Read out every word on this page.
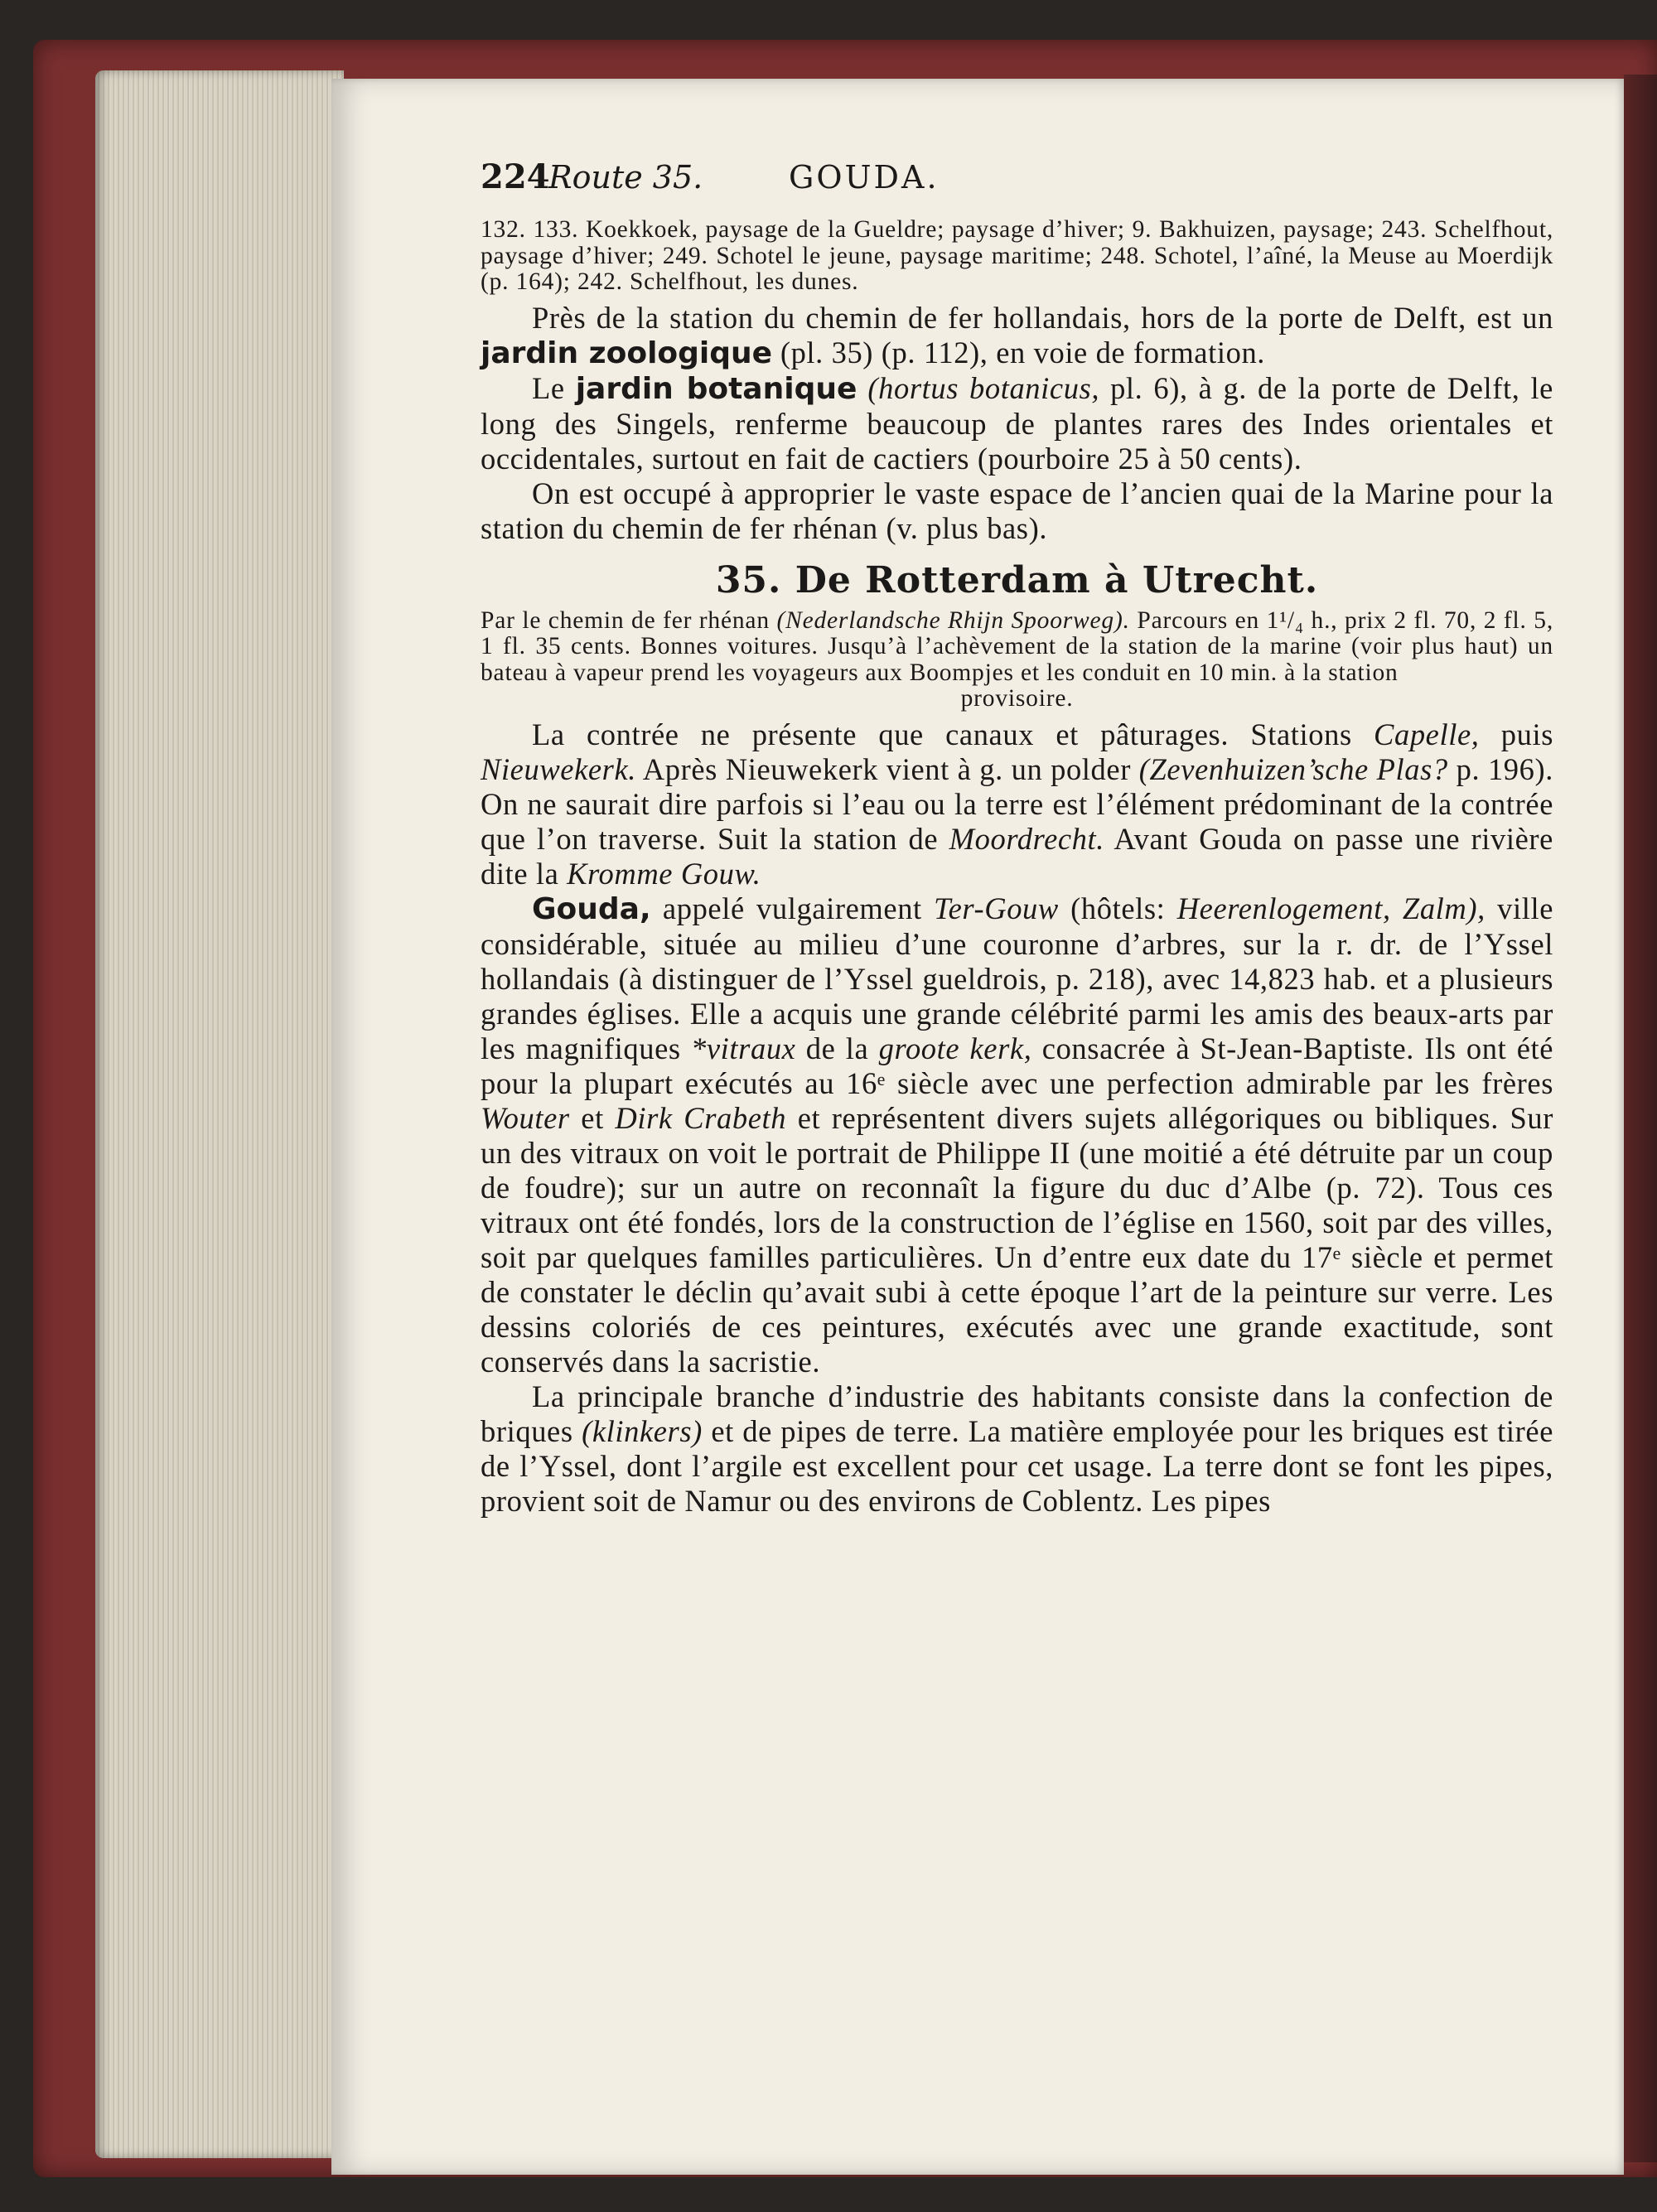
224
Route 35.	GOUDA.

132. 133. Koekkoek, paysage de la Gueldre; paysage d’hiver; 9. Bakhuizen, paysage; 243. Schelfhout, paysage d’hiver; 249. Schotel le jeune, paysage maritime; 248. Schotel, l’aîné, la Meuse au Moerdijk (p. 164); 242. Schelfhout, les dunes.

Près de la station du chemin de fer hollandais, hors de la porte de Delft, est un jardin zoologique (pl. 35) (p. 112), en voie de formation.

Le jardin botanique (hortus botanicus, pl. 6), à g. de la porte de Delft, le long des Singels, renferme beaucoup de plantes rares des Indes orientales et occidentales, surtout en fait de cactiers (pourboire 25 à 50 cents).

On est occupé à approprier le vaste espace de l’ancien quai de la Marine pour la station du chemin de fer rhénan (v. plus bas).

35. De Rotterdam à Utrecht.

Par le chemin de fer rhénan (Nederlandsche Rhijn Spoorweg). Parcours en 1¹/₄ h., prix 2 fl. 70, 2 fl. 5, 1 fl. 35 cents. Bonnes voitures. Jusqu’à l’achèvement de la station de la marine (voir plus haut) un bateau à vapeur prend les voyageurs aux Boompjes et les conduit en 10 min. à la station

provisoire.

La contrée ne présente que canaux et pâturages. Stations Capelle, puis Nieuwekerk. Après Nieuwekerk vient à g. un polder (Zevenhuizen’sche Plas? p. 196). On ne saurait dire parfois si l’eau ou la terre est l’élément prédominant de la contrée que l’on traverse. Suit la station de Moordrecht. Avant Gouda on passe une rivière dite la Kromme Gouw.

Gouda, appelé vulgairement Ter-Gouw (hôtels: Heerenlogement, Zalm), ville considérable, située au milieu d’une couronne d’arbres, sur la r. dr. de l’Yssel hollandais (à distinguer de l’Yssel gueldrois, p. 218), avec 14,823 hab. et a plusieurs grandes églises. Elle a acquis une grande célébrité parmi les amis des beaux-arts par les magnifiques *vitraux de la groote kerk, consacrée à St-Jean-Baptiste. Ils ont été pour la plupart exécutés au 16ᵉ siècle avec une perfection admirable par les frères Wouter et Dirk Crabeth et représentent divers sujets allégoriques ou bibliques. Sur un des vitraux on voit le portrait de Philippe II (une moitié a été détruite par un coup de foudre); sur un autre on reconnaît la figure du duc d’Albe (p. 72). Tous ces vitraux ont été fondés, lors de la construction de l’église en 1560, soit par des villes, soit par quelques familles particulières. Un d’entre eux date du 17ᵉ siècle et permet de constater le déclin qu’avait subi à cette époque l’art de la peinture sur verre. Les dessins coloriés de ces peintures, exécutés avec une grande exactitude, sont conservés dans la sacristie.

La principale branche d’industrie des habitants consiste dans la confection de briques (klinkers) et de pipes de terre. La matière employée pour les briques est tirée de l’Yssel, dont l’argile est excellent pour cet usage. La terre dont se font les pipes, provient soit de Namur ou des environs de Coblentz. Les pipes
